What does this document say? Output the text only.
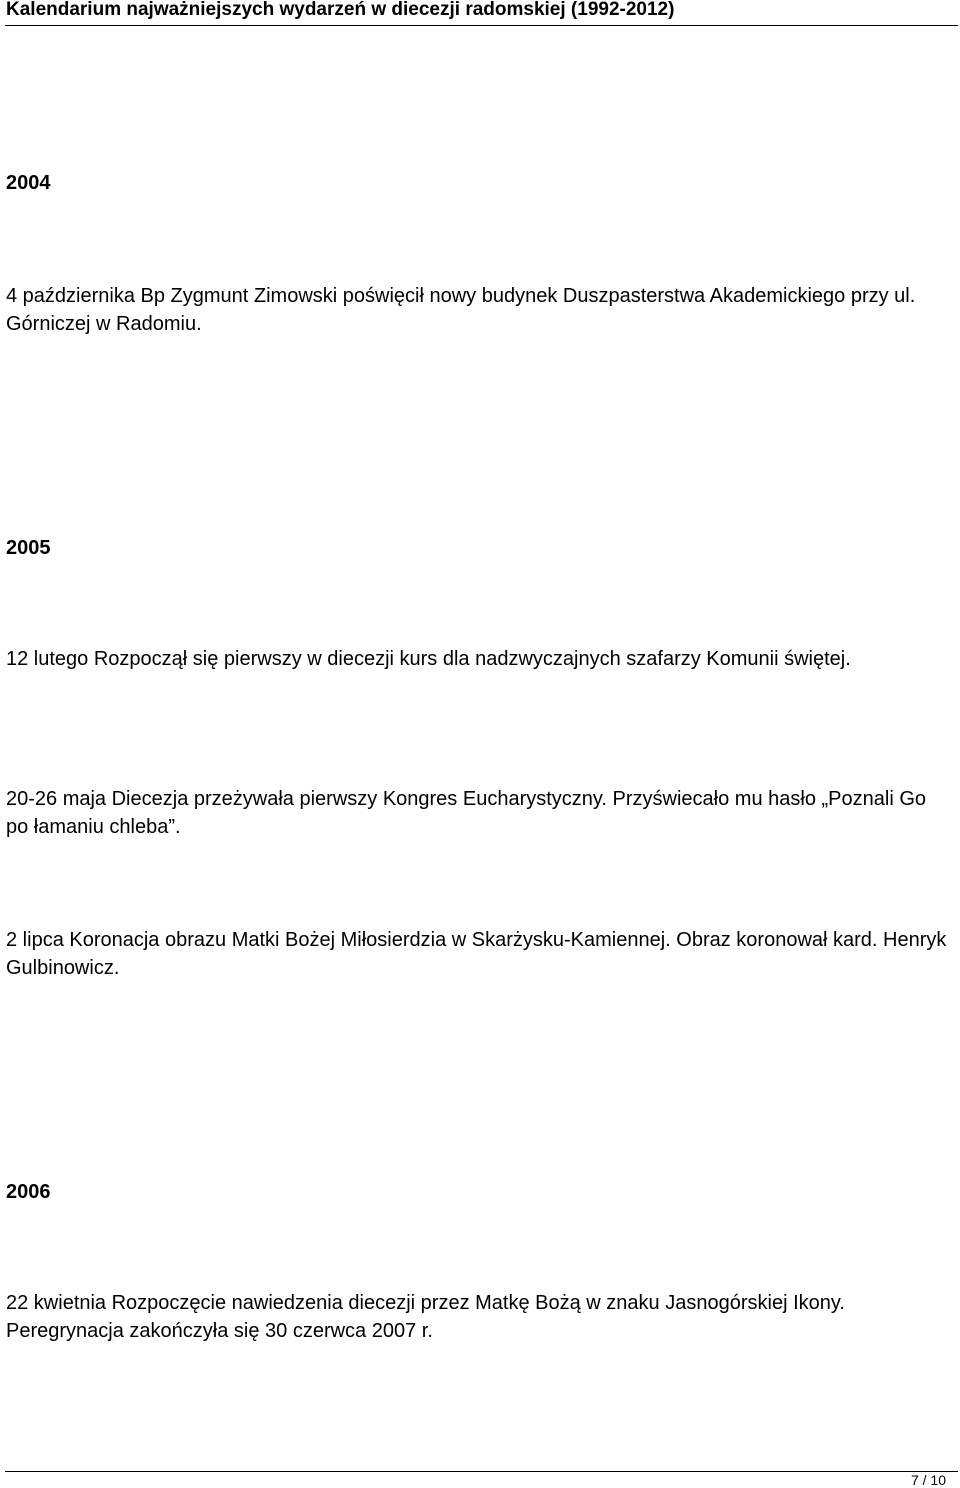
Kalendarium najważniejszych wydarzeń w diecezji radomskiej (1992-2012)
2004

4 października Bp Zygmunt Zimowski poświęcił nowy budynek Duszpasterstwa Akademickiego przy ul. Górniczej w Radomiu.

2005

12 lutego Rozpoczął się pierwszy w diecezji kurs dla nadzwyczajnych szafarzy Komunii świętej.

20-26 maja Diecezja przeżywała pierwszy Kongres Eucharystyczny. Przyświecało mu hasło „Poznali Go po łamaniu chleba”.

2 lipca Koronacja obrazu Matki Bożej Miłosierdzia w Skarżysku-Kamiennej. Obraz koronował kard. Henryk Gulbinowicz.

2006

22 kwietnia Rozpoczęcie nawiedzenia diecezji przez Matkę Bożą w znaku Jasnogórskiej Ikony. Peregrynacja zakończyła się 30 czerwca 2007 r.

7 / 10
